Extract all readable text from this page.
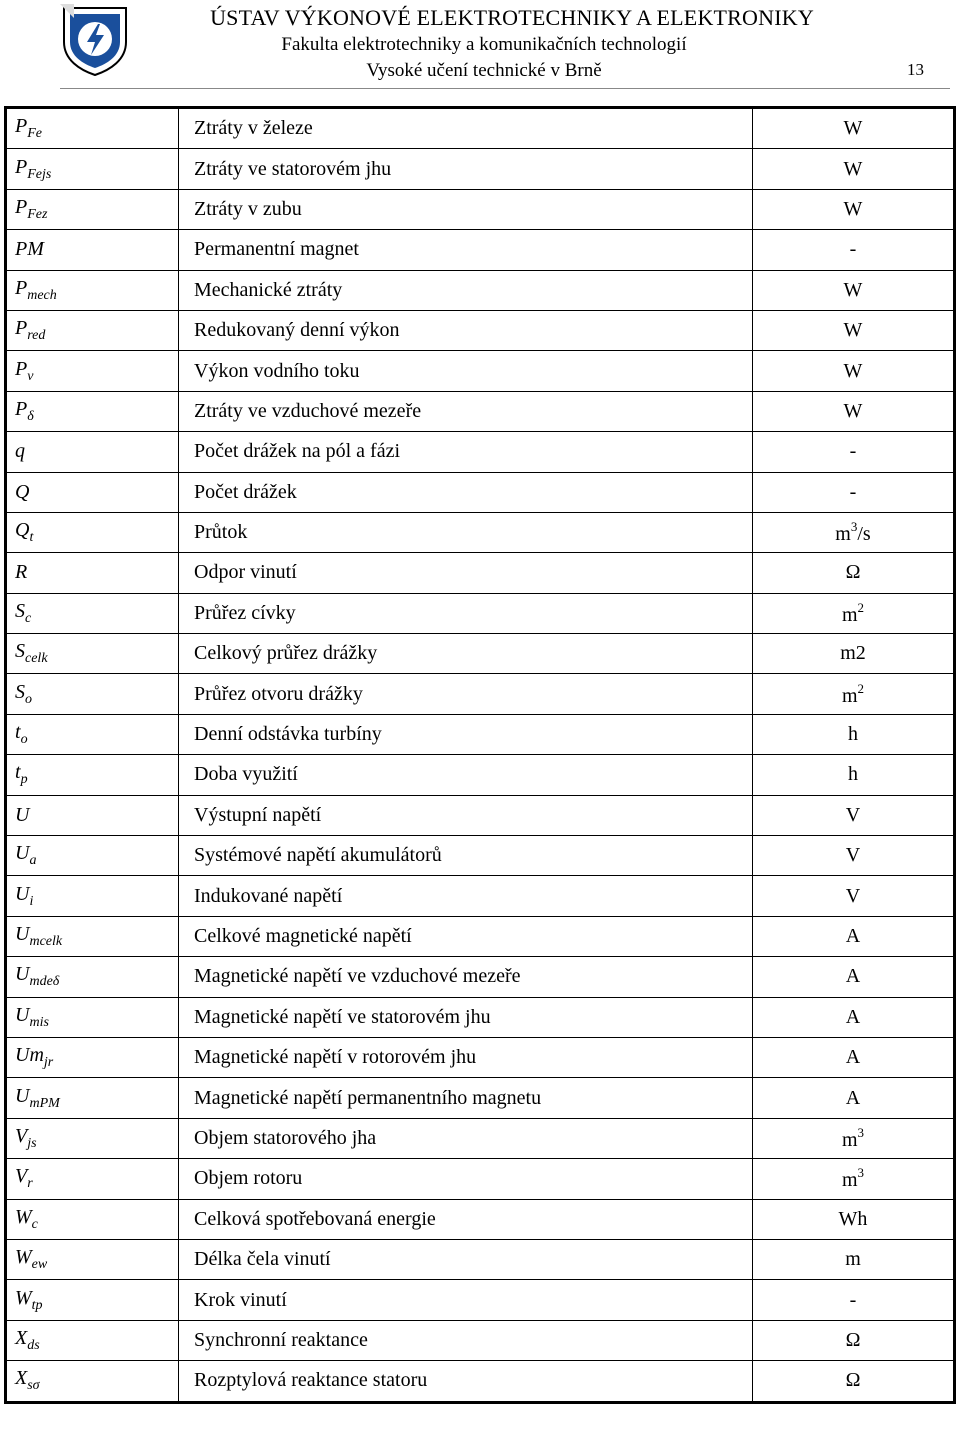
ÚSTAV VÝKONOVÉ ELEKTROTECHNIKY A ELEKTRONIKY
Fakulta elektrotechniky a komunikačních technologií
Vysoké učení technické v Brně	13
$P_{Fe}$	Ztráty v železe	W
$P_{Fejs}$	Ztráty ve statorovém jhu	W
$P_{Fez}$	Ztráty v zubu	W
PM	Permanentní magnet	-
$P_{mech}$	Mechanické ztráty	W
$P_{red}$	Redukovaný denní výkon	W
$P_v$	Výkon vodního toku	W
$P_\delta$	Ztráty ve vzduchové mezeře	W
q	Počet drážek na pól a fázi	-
Q	Počet drážek	-
$Q_t$	Průtok	$m^3/s$
R	Odpor vinutí	Ω
$S_c$	Průřez cívky	$m^2$
$S_{celk}$	Celkový průřez drážky	m2
$S_o$	Průřez otvoru drážky	$m^2$
$t_o$	Denní odstávka turbíny	h
$t_p$	Doba využití	h
U	Výstupní napětí	V
$U_a$	Systémové napětí akumulátorů	V
$U_i$	Indukované napětí	V
$U_{mcelk}$	Celkové magnetické napětí	A
$U_{mde\delta}$	Magnetické napětí ve vzduchové mezeře	A
$U_{mis}$	Magnetické napětí ve statorovém jhu	A
$Um_{jr}$	Magnetické napětí v rotorovém jhu	A
$U_{mPM}$	Magnetické napětí permanentního magnetu	A
$V_{js}$	Objem statorového jha	$m^3$
$V_r$	Objem rotoru	$m^3$
$W_c$	Celková spotřebovaná energie	Wh
$W_{ew}$	Délka čela vinutí	m
$W_{tp}$	Krok vinutí	-
$X_{ds}$	Synchronní reaktance	Ω
$X_{s\sigma}$	Rozptylová reaktance statoru	Ω
